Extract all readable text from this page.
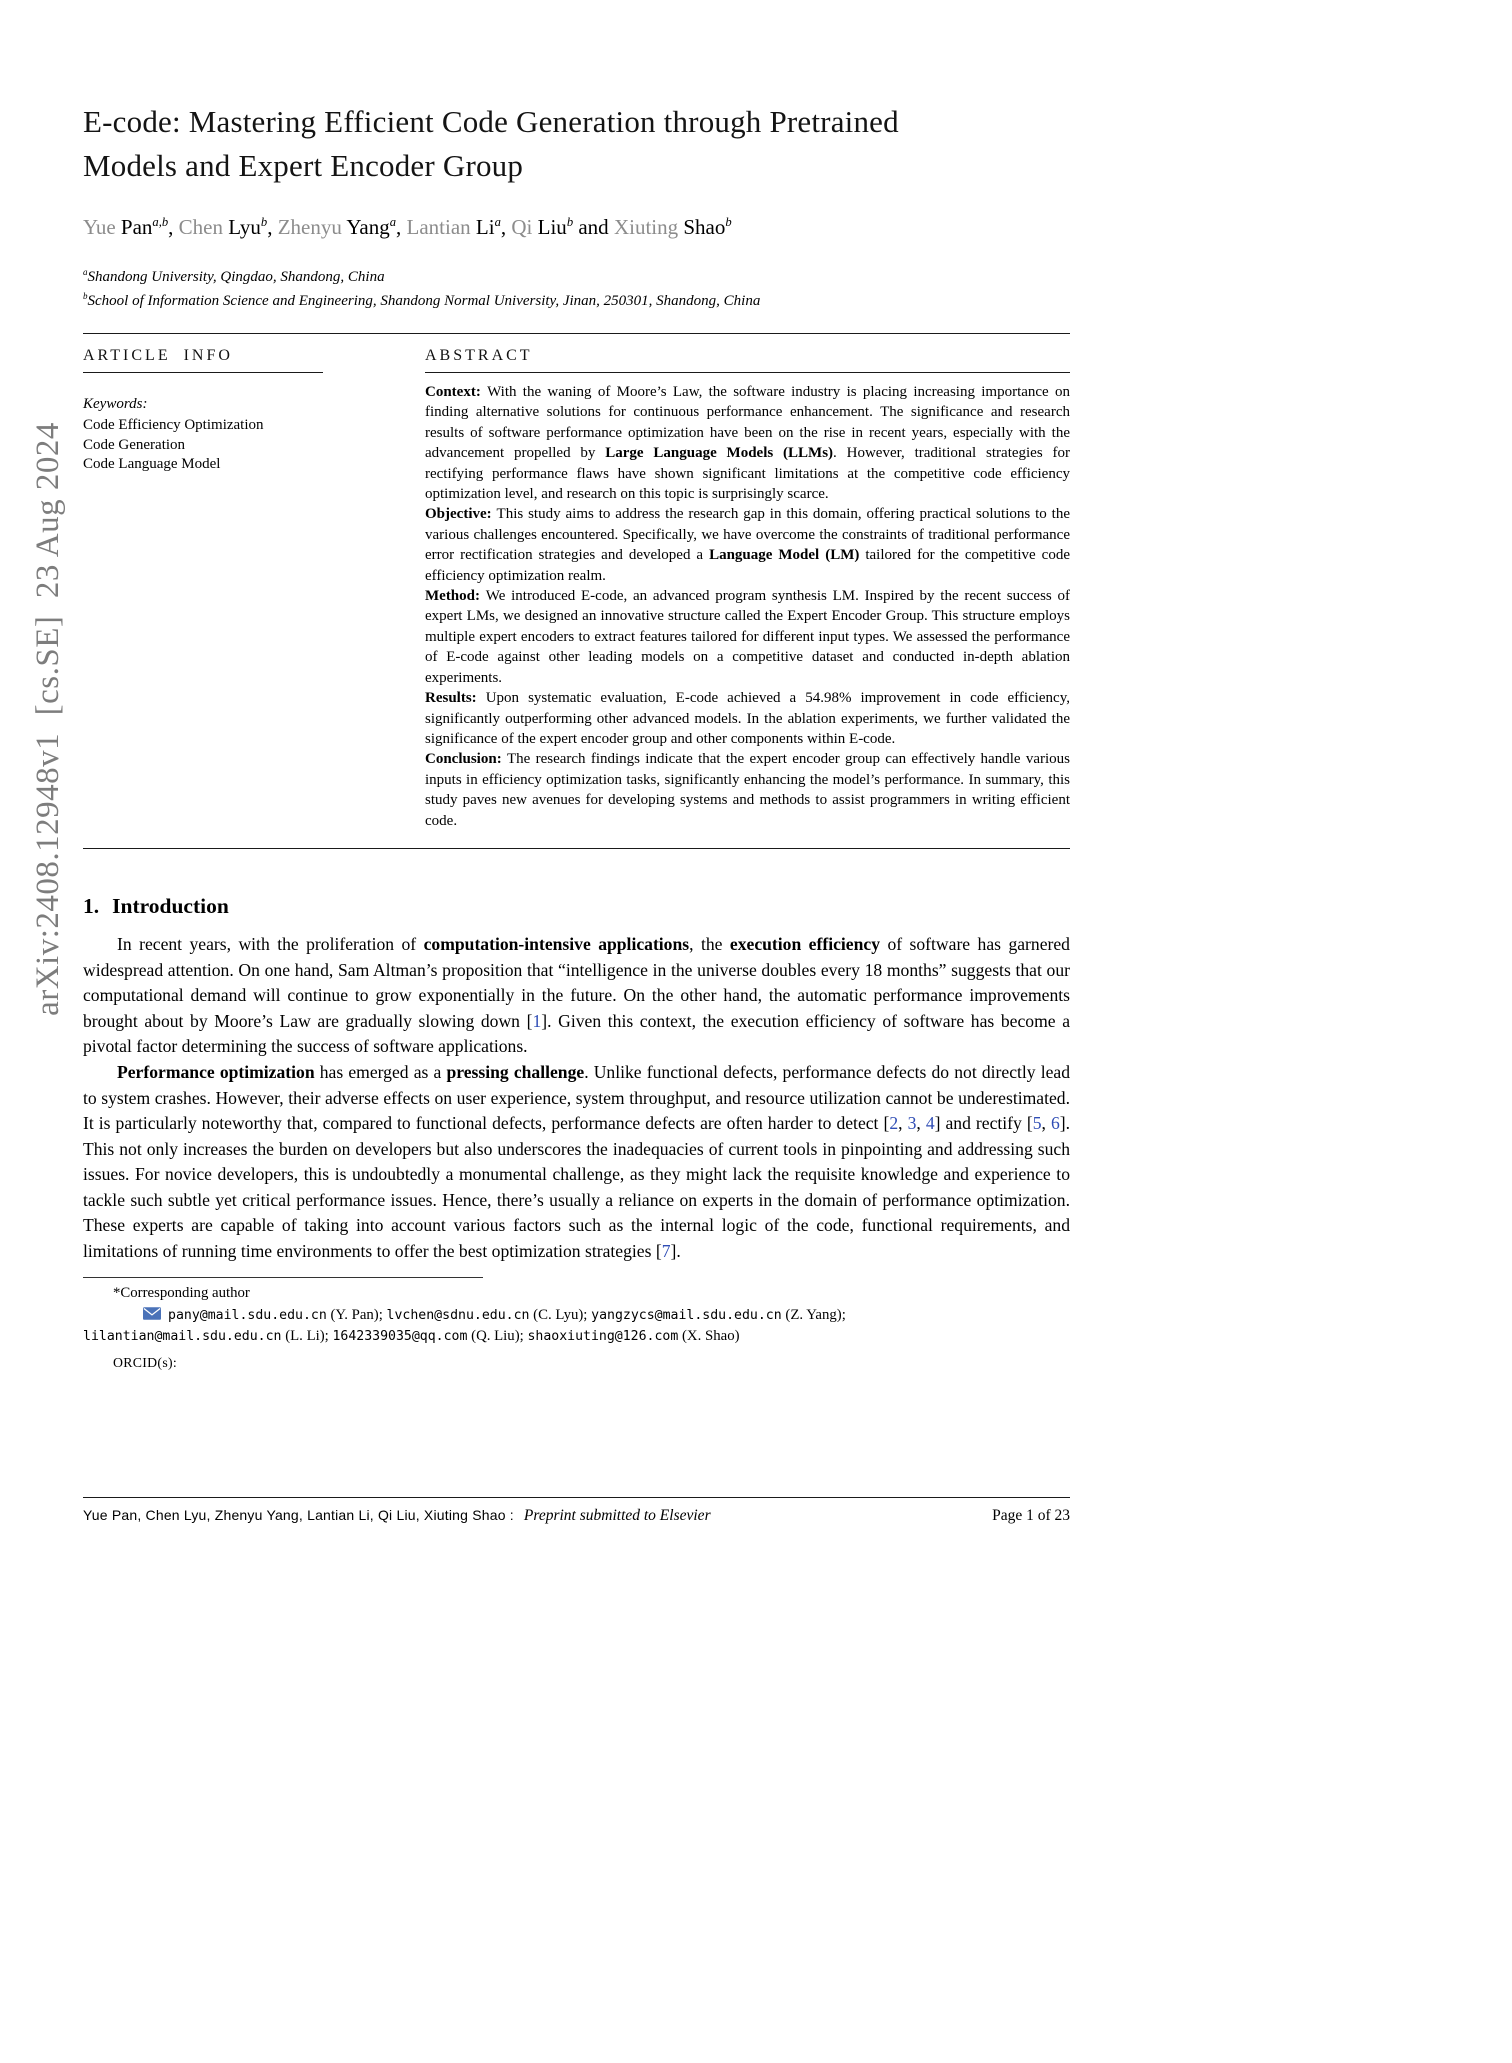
arXiv:2408.12948v1  [cs.SE]  23 Aug 2024
E-code: Mastering Efficient Code Generation through Pretrained
Models and Expert Encoder Group
Yue Pan$^{a,b}$, Chen Lyu$^b$, Zhenyu Yang$^a$, Lantian Li$^a$, Qi Liu$^b$ and Xiuting Shao$^b$
$^a$Shandong University, Qingdao, Shandong, China
$^b$School of Information Science and Engineering, Shandong Normal University, Jinan, 250301, Shandong, China
ARTICLE INFO
Keywords:
Code Efficiency Optimization
Code Generation
Code Language Model
ABSTRACT

Context: With the waning of Moore’s Law, the software industry is placing increasing importance on finding alternative solutions for continuous performance enhancement. The significance and research results of software performance optimization have been on the rise in recent years, especially with the advancement propelled by Large Language Models (LLMs). However, traditional strategies for rectifying performance flaws have shown significant limitations at the competitive code efficiency optimization level, and research on this topic is surprisingly scarce.

Objective: This study aims to address the research gap in this domain, offering practical solutions to the various challenges encountered. Specifically, we have overcome the constraints of traditional performance error rectification strategies and developed a Language Model (LM) tailored for the competitive code efficiency optimization realm.

Method: We introduced E-code, an advanced program synthesis LM. Inspired by the recent success of expert LMs, we designed an innovative structure called the Expert Encoder Group. This structure employs multiple expert encoders to extract features tailored for different input types. We assessed the performance of E-code against other leading models on a competitive dataset and conducted in-depth ablation experiments.

Results: Upon systematic evaluation, E-code achieved a 54.98% improvement in code efficiency, significantly outperforming other advanced models. In the ablation experiments, we further validated the significance of the expert encoder group and other components within E-code.

Conclusion: The research findings indicate that the expert encoder group can effectively handle various inputs in efficiency optimization tasks, significantly enhancing the model’s performance. In summary, this study paves new avenues for developing systems and methods to assist programmers in writing efficient code.

1. Introduction

In recent years, with the proliferation of computation-intensive applications, the execution efficiency of software has garnered widespread attention. On one hand, Sam Altman’s proposition that “intelligence in the universe doubles every 18 months” suggests that our computational demand will continue to grow exponentially in the future. On the other hand, the automatic performance improvements brought about by Moore’s Law are gradually slowing down [1]. Given this context, the execution efficiency of software has become a pivotal factor determining the success of software applications.

Performance optimization has emerged as a pressing challenge. Unlike functional defects, performance defects do not directly lead to system crashes. However, their adverse effects on user experience, system throughput, and resource utilization cannot be underestimated. It is particularly noteworthy that, compared to functional defects, performance defects are often harder to detect [2, 3, 4] and rectify [5, 6]. This not only increases the burden on developers but also underscores the inadequacies of current tools in pinpointing and addressing such issues. For novice developers, this is undoubtedly a monumental challenge, as they might lack the requisite knowledge and experience to tackle such subtle yet critical performance issues. Hence, there’s usually a reliance on experts in the domain of performance optimization. These experts are capable of taking into account various factors such as the internal logic of the code, functional requirements, and limitations of running time environments to offer the best optimization strategies [7].

*Corresponding author

pany@mail.sdu.edu.cn (Y. Pan); lvchen@sdnu.edu.cn (C. Lyu); yangzycs@mail.sdu.edu.cn (Z. Yang); lilantian@mail.sdu.edu.cn (L. Li); 1642339035@qq.com (Q. Liu); shaoxiuting@126.com (X. Shao)

ORCID(s):
Yue Pan, Chen Lyu, Zhenyu Yang, Lantian Li, Qi Liu, Xiuting Shao : Preprint submitted to Elsevier	Page 1 of 23
